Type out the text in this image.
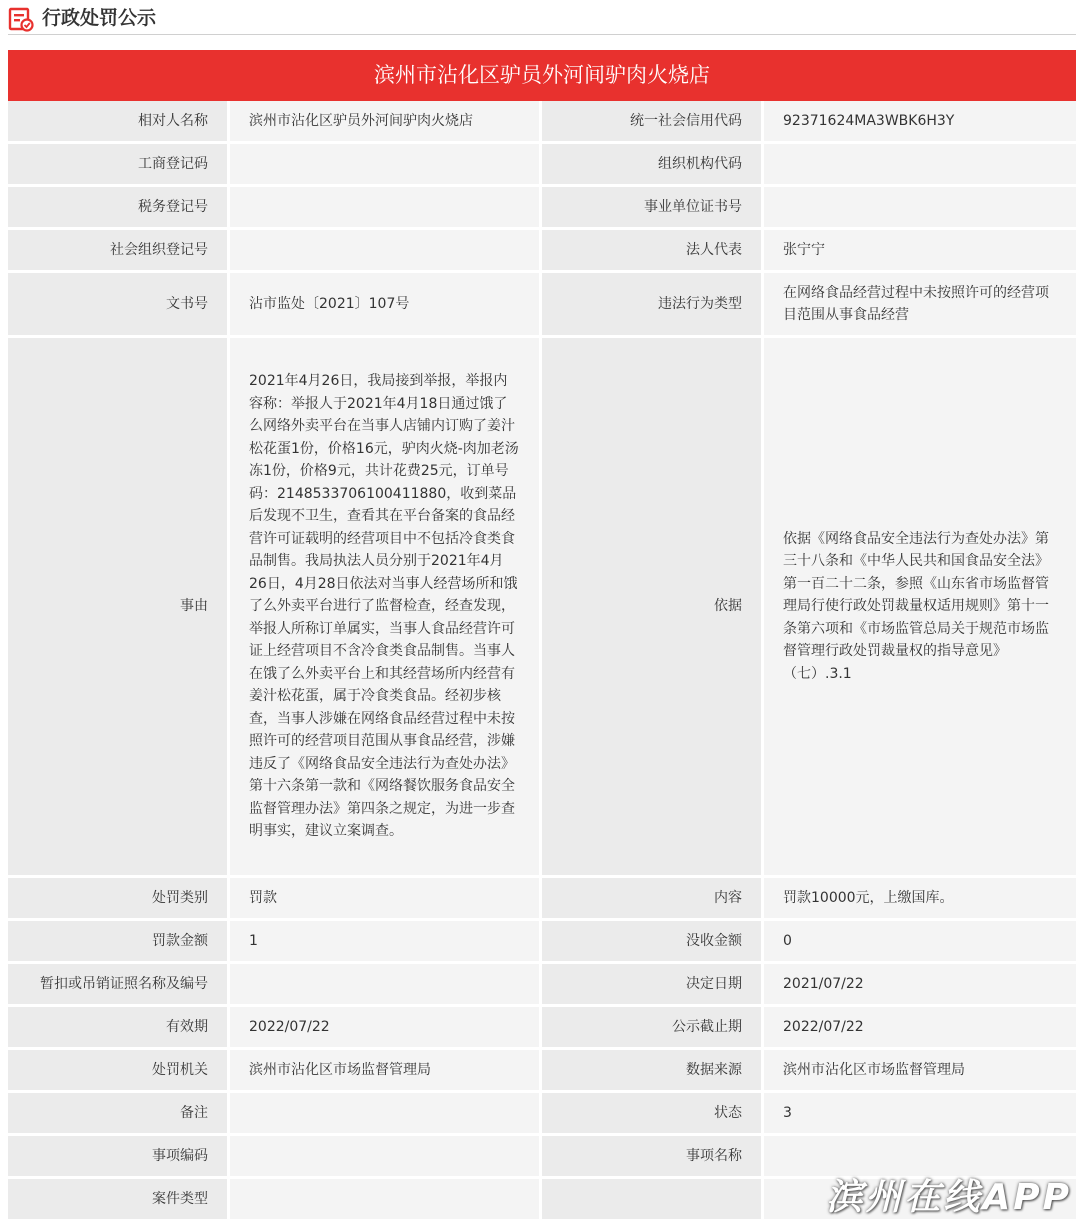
行政处罚公示
滨州市沾化区驴员外河间驴肉火烧店
相对人名称	滨州市沾化区驴员外河间驴肉火烧店	统一社会信用代码	92371624MA3WBK6H3Y
工商登记码		组织机构代码	
税务登记号		事业单位证书号	
社会组织登记号		法人代表	张宁宁
文书号	沾市监处〔2021〕107号	违法行为类型	在网络食品经营过程中未按照许可的经营项目范围从事食品经营
事由	2021年4月26日，我局接到举报，举报内容称：举报人于2021年4月18日通过饿了么网络外卖平台在当事人店铺内订购了姜汁松花蛋1份，价格16元，驴肉火烧-肉加老汤冻1份，价格9元，共计花费25元，订单号码：2148533706100411880，收到菜品后发现不卫生，查看其在平台备案的食品经营许可证载明的经营项目中不包括冷食类食品制售。我局执法人员分别于2021年4月26日，4月28日依法对当事人经营场所和饿了么外卖平台进行了监督检查，经查发现，举报人所称订单属实，当事人食品经营许可证上经营项目不含冷食类食品制售。当事人在饿了么外卖平台上和其经营场所内经营有姜汁松花蛋，属于冷食类食品。经初步核查，当事人涉嫌在网络食品经营过程中未按照许可的经营项目范围从事食品经营，涉嫌违反了《网络食品安全违法行为查处办法》第十六条第一款和《网络餐饮服务食品安全监督管理办法》第四条之规定，为进一步查明事实，建议立案调查。	依据	依据《网络食品安全违法行为查处办法》第三十八条和《中华人民共和国食品安全法》第一百二十二条，参照《山东省市场监督管理局行使行政处罚裁量权适用规则》第十一条第六项和《市场监管总局关于规范市场监督管理行政处罚裁量权的指导意见》（七）.3.1
处罚类别	罚款	内容	罚款10000元，上缴国库。
罚款金额	1	没收金额	0
暂扣或吊销证照名称及编号		决定日期	2021/07/22
有效期	2022/07/22	公示截止期	2022/07/22
处罚机关	滨州市沾化区市场监督管理局	数据来源	滨州市沾化区市场监督管理局
备注		状态	3
事项编码		事项名称	
案件类型				滨州在线APP
